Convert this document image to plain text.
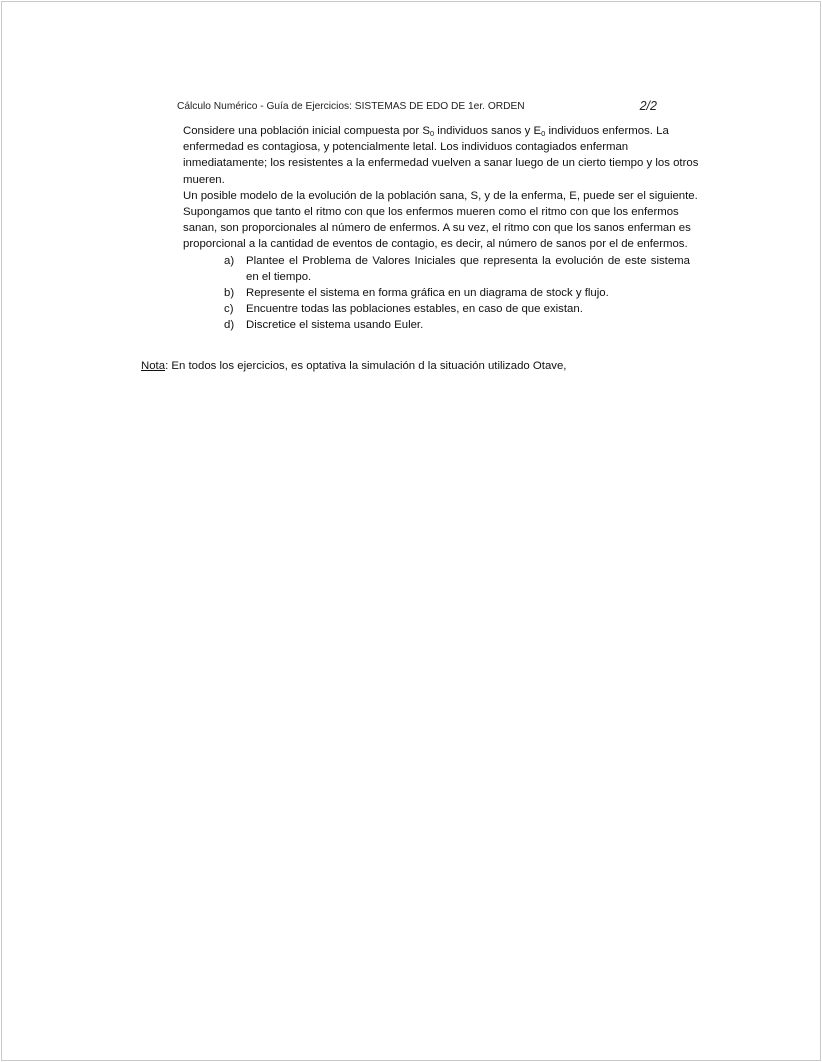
Cálculo Numérico - Guía de Ejercicios: SISTEMAS DE EDO DE 1er. ORDEN	2/2

Considere una población inicial compuesta por $S_0$ individuos sanos y $E_0$ individuos enfermos. La enfermedad es contagiosa, y potencialmente letal. Los individuos contagiados enferman inmediatamente; los resistentes a la enfermedad vuelven a sanar luego de un cierto tiempo y los otros mueren.

Un posible modelo de la evolución de la población sana, S, y de la enferma, E, puede ser el siguiente. Supongamos que tanto el ritmo con que los enfermos mueren como el ritmo con que los enfermos sanan, son proporcionales al número de enfermos. A su vez, el ritmo con que los sanos enferman es proporcional a la cantidad de eventos de contagio, es decir, al número de sanos por el de enfermos.

a) Plantee el Problema de Valores Iniciales que representa la evolución de este sistema en el tiempo.
b) Represente el sistema en forma gráfica en un diagrama de stock y flujo.
c) Encuentre todas las poblaciones estables, en caso de que existan.
d) Discretice el sistema usando Euler.
Nota: En todos los ejercicios, es optativa la simulación d la situación utilizado Otave,
